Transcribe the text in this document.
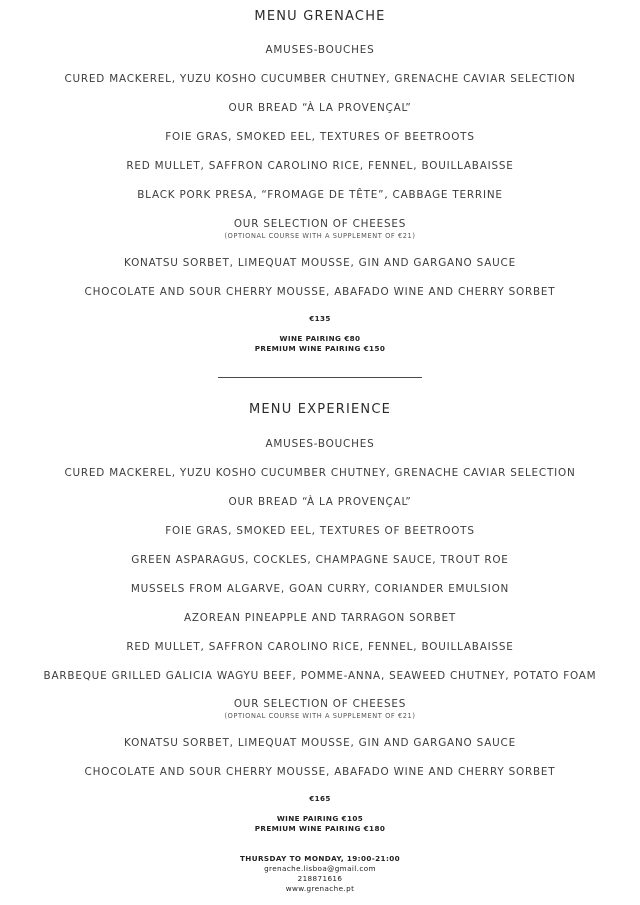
MENU GRENACHE
AMUSES-BOUCHES
CURED MACKEREL, YUZU KOSHO CUCUMBER CHUTNEY, GRENACHE CAVIAR SELECTION
OUR BREAD “À LA PROVENÇAL”
FOIE GRAS, SMOKED EEL, TEXTURES OF BEETROOTS
RED MULLET, SAFFRON CAROLINO RICE, FENNEL, BOUILLABAISSE
BLACK PORK PRESA, “FROMAGE DE TÊTE”, CABBAGE TERRINE
OUR SELECTION OF CHEESES
(OPTIONAL COURSE WITH A SUPPLEMENT OF €21)
KONATSU SORBET, LIMEQUAT MOUSSE, GIN AND GARGANO SAUCE
CHOCOLATE AND SOUR CHERRY MOUSSE, ABAFADO WINE AND CHERRY SORBET
€135
WINE PAIRING €80
PREMIUM WINE PAIRING €150
MENU EXPERIENCE
AMUSES-BOUCHES
CURED MACKEREL, YUZU KOSHO CUCUMBER CHUTNEY, GRENACHE CAVIAR SELECTION
OUR BREAD “À LA PROVENÇAL”
FOIE GRAS, SMOKED EEL, TEXTURES OF BEETROOTS
GREEN ASPARAGUS, COCKLES, CHAMPAGNE SAUCE, TROUT ROE
MUSSELS FROM ALGARVE, GOAN CURRY, CORIANDER EMULSION
AZOREAN PINEAPPLE AND TARRAGON SORBET
RED MULLET, SAFFRON CAROLINO RICE, FENNEL, BOUILLABAISSE
BARBEQUE GRILLED GALICIA WAGYU BEEF, POMME-ANNA, SEAWEED CHUTNEY, POTATO FOAM
OUR SELECTION OF CHEESES
(OPTIONAL COURSE WITH A SUPPLEMENT OF €21)
KONATSU SORBET, LIMEQUAT MOUSSE, GIN AND GARGANO SAUCE
CHOCOLATE AND SOUR CHERRY MOUSSE, ABAFADO WINE AND CHERRY SORBET
€165
WINE PAIRING €105
PREMIUM WINE PAIRING €180
THURSDAY TO MONDAY, 19:00-21:00
grenache.lisboa@gmail.com
218871616
www.grenache.pt
